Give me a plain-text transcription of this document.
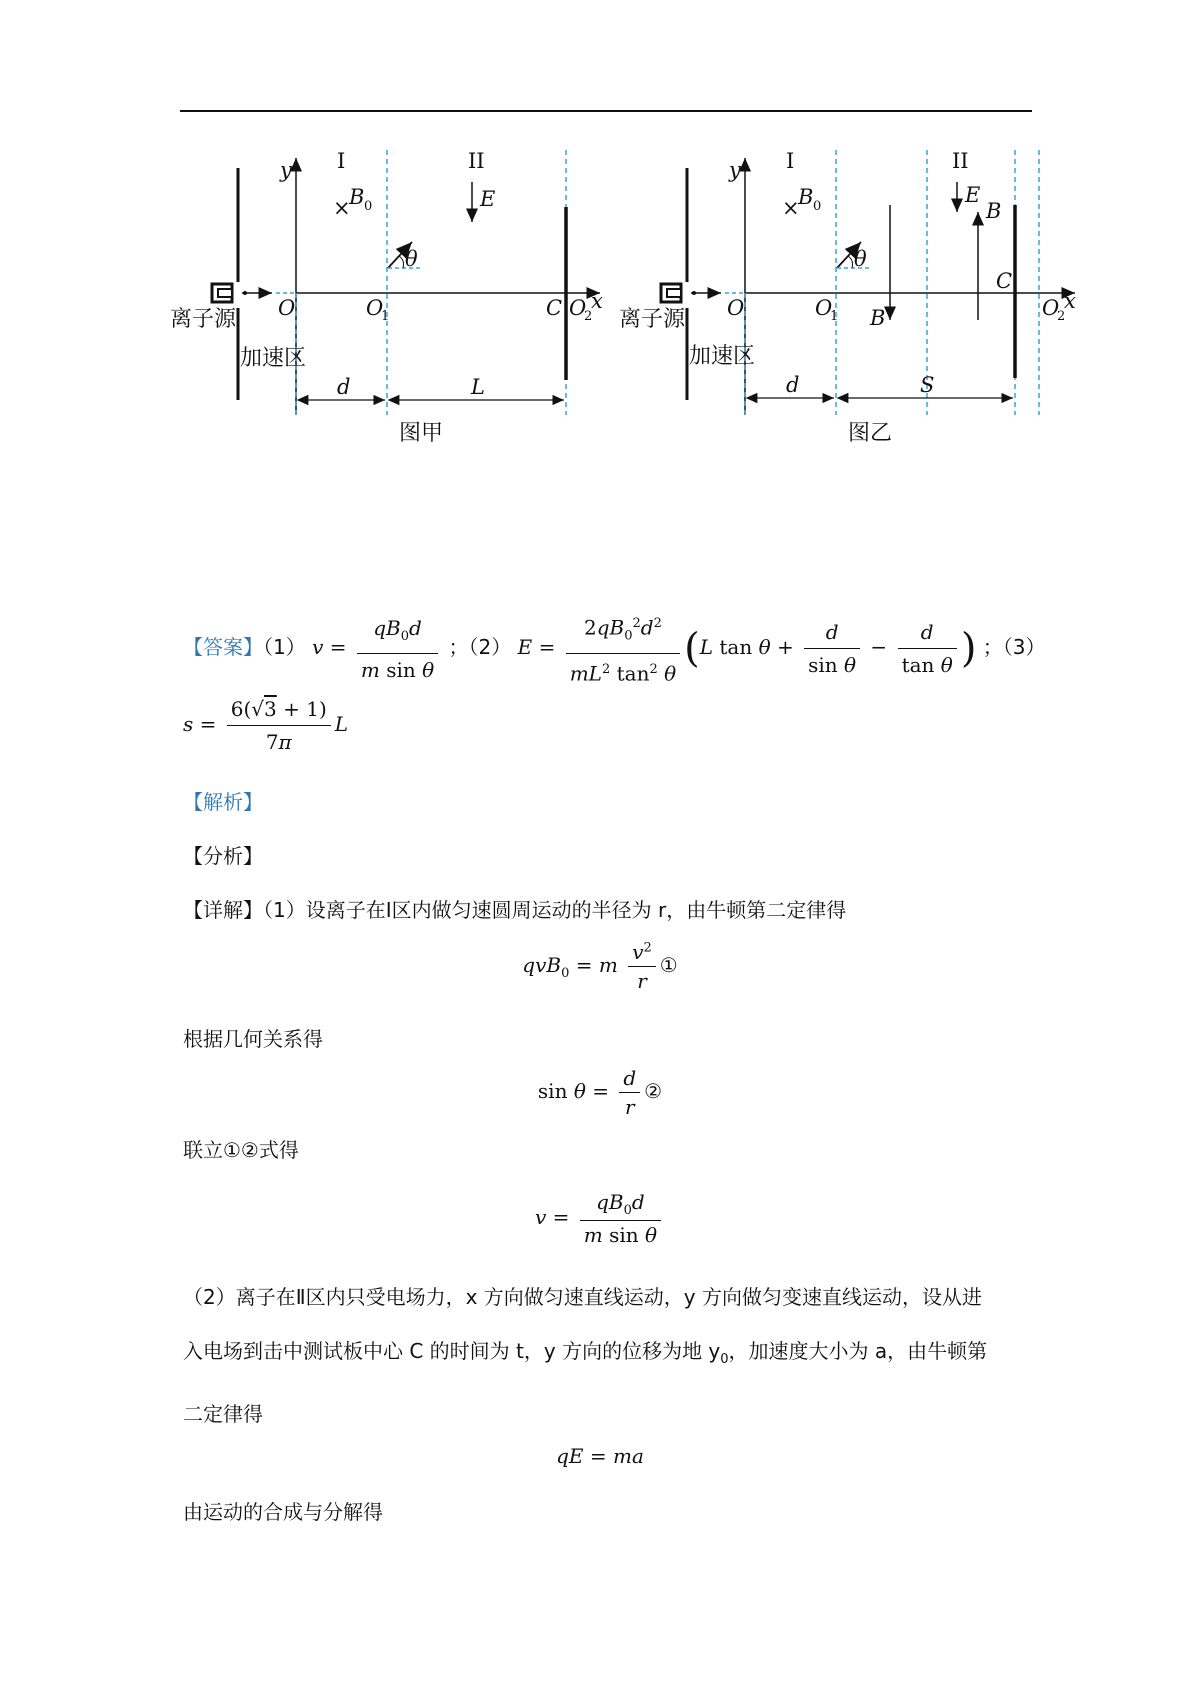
y I	II
×
B 0	E
θ
O	O
1	C O
2
x
离子源
加速区
d	L
图甲
y I	II
×
B 0	E
B
B
θ
O	O
1
C
O
2
x
离子源
加速区
d	S
图乙
【答案】（1） $v = \frac{qB_0d}{\text{m sin θ}}$ ；（2） $E = \frac{2qB_0^2d^2}{mL^2 \tan^2 \theta} (L$ $\tan \theta + \frac{d}{\text{sin θ}} - \frac{d}{\text{tan θ}}$ ) ；（3）
$s = \frac{6(√3 + 1)}{7\pi}$ L
【解析】
【分析】
【详解】（1）设离子在Ⅰ区内做匀速圆周运动的半径为 r，由牛顿第二定律得
qvB$_0$ = m $\frac{v^2}{r}$ ①
根据几何关系得
$\sin \theta = \frac{d}{r}$ ②
联立①②式得
$v = \frac{qB_0d}{\text{m sin θ}}$
（2）离子在Ⅱ区内只受电场力，x 方向做匀速直线运动，y 方向做匀变速直线运动，设从进
入电场到击中测试板中心 C 的时间为 t，y 方向的位移为地 $y_0$，加速度大小为 a，由牛顿第
二定律得
qE = ma
由运动的合成与分解得
